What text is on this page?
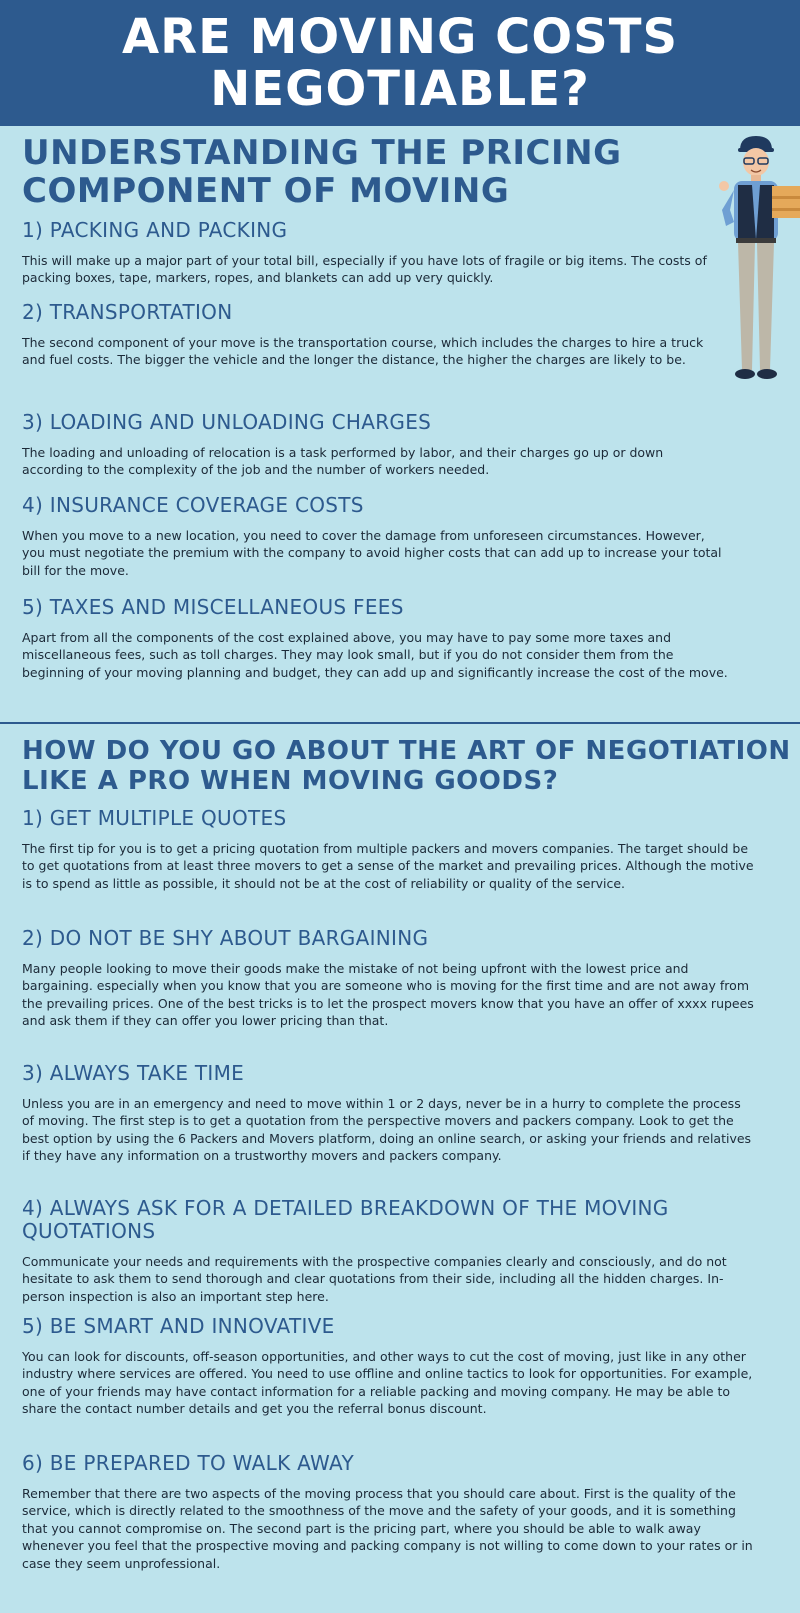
ARE MOVING COSTS NEGOTIABLE?
UNDERSTANDING THE PRICING COMPONENT OF MOVING
1) PACKING AND PACKING

This will make up a major part of your total bill, especially if you have lots of fragile or big items. The costs of packing boxes, tape, markers, ropes, and blankets can add up very quickly.

2) TRANSPORTATION

The second component of your move is the transportation course, which includes the charges to hire a truck and fuel costs. The bigger the vehicle and the longer the distance, the higher the charges are likely to be.

3) LOADING AND UNLOADING CHARGES

The loading and unloading of relocation is a task performed by labor, and their charges go up or down according to the complexity of the job and the number of workers needed.

4) INSURANCE COVERAGE COSTS

When you move to a new location, you need to cover the damage from unforeseen circumstances. However, you must negotiate the premium with the company to avoid higher costs that can add up to increase your total bill for the move.

5) TAXES AND MISCELLANEOUS FEES

Apart from all the components of the cost explained above, you may have to pay some more taxes and miscellaneous fees, such as toll charges. They may look small, but if you do not consider them from the beginning of your moving planning and budget, they can add up and significantly increase the cost of the move.

HOW DO YOU GO ABOUT THE ART OF NEGOTIATION LIKE A PRO WHEN MOVING GOODS?
1) GET MULTIPLE QUOTES

The first tip for you is to get a pricing quotation from multiple packers and movers companies. The target should be to get quotations from at least three movers to get a sense of the market and prevailing prices. Although the motive is to spend as little as possible, it should not be at the cost of reliability or quality of the service.

2) DO NOT BE SHY ABOUT BARGAINING

Many people looking to move their goods make the mistake of not being upfront with the lowest price and bargaining. especially when you know that you are someone who is moving for the first time and are not away from the prevailing prices. One of the best tricks is to let the prospect movers know that you have an offer of xxxx rupees and ask them if they can offer you lower pricing than that.

3) ALWAYS TAKE TIME

Unless you are in an emergency and need to move within 1 or 2 days, never be in a hurry to complete the process of moving. The first step is to get a quotation from the perspective movers and packers company. Look to get the best option by using the 6 Packers and Movers platform, doing an online search, or asking your friends and relatives if they have any information on a trustworthy movers and packers company.

4) ALWAYS ASK FOR A DETAILED BREAKDOWN OF THE MOVING QUOTATIONS

Communicate your needs and requirements with the prospective companies clearly and consciously, and do not hesitate to ask them to send thorough and clear quotations from their side, including all the hidden charges. In-person inspection is also an important step here.

5) BE SMART AND INNOVATIVE

You can look for discounts, off-season opportunities, and other ways to cut the cost of moving, just like in any other industry where services are offered. You need to use offline and online tactics to look for opportunities. For example, one of your friends may have contact information for a reliable packing and moving company. He may be able to share the contact number details and get you the referral bonus discount.

6) BE PREPARED TO WALK AWAY

Remember that there are two aspects of the moving process that you should care about. First is the quality of the service, which is directly related to the smoothness of the move and the safety of your goods, and it is something that you cannot compromise on. The second part is the pricing part, where you should be able to walk away whenever you feel that the prospective moving and packing company is not willing to come down to your rates or in case they seem unprofessional.
